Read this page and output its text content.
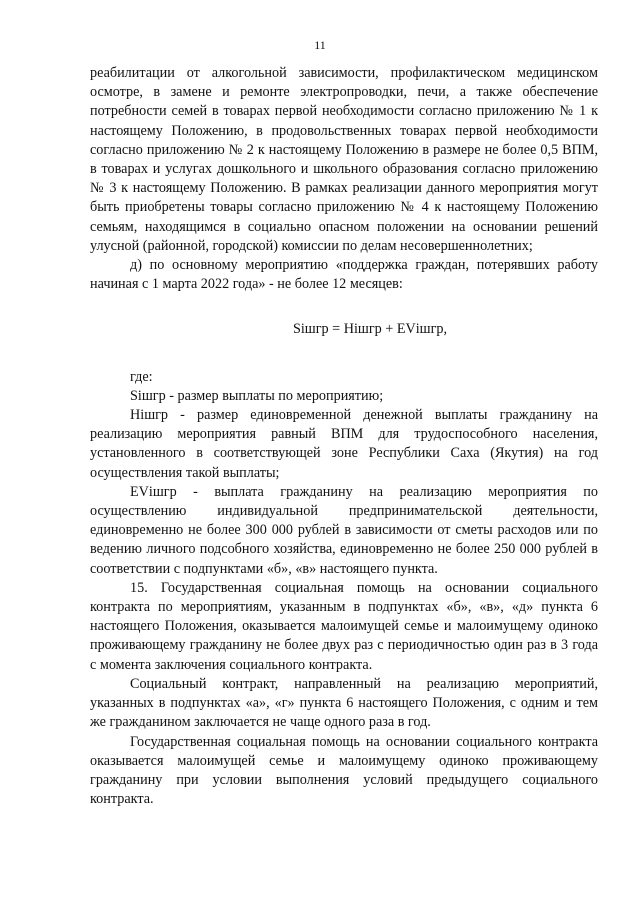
11

реабилитации от алкогольной зависимости, профилактическом медицинском осмотре, в замене и ремонте электропроводки, печи, а также обеспечение потребности семей в товарах первой необходимости согласно приложению № 1 к настоящему Положению, в продовольственных товарах первой необходимости согласно приложению № 2 к настоящему Положению в размере не более 0,5 ВПМ, в товарах и услугах дошкольного и школьного образования согласно приложению № 3 к настоящему Положению. В рамках реализации данного мероприятия могут быть приобретены товары согласно приложению № 4 к настоящему Положению семьям, находящимся в социально опасном положении на основании решений улусной (районной, городской) комиссии по делам несовершеннолетних;

д) по основному мероприятию «поддержка граждан, потерявших работу начиная с 1 марта 2022 года» - не более 12 месяцев:

Sішгр = Hішгр + EVішгр,

где:

Sішгр - размер выплаты по мероприятию;

Hішгр - размер единовременной денежной выплаты гражданину на реализацию мероприятия равный ВПМ для трудоспособного населения, установленного в соответствующей зоне Республики Саха (Якутия) на год осуществления такой выплаты;

EVішгр - выплата гражданину на реализацию мероприятия по осуществлению индивидуальной предпринимательской деятельности, единовременно не более 300 000 рублей в зависимости от сметы расходов или по ведению личного подсобного хозяйства, единовременно не более 250 000 рублей в соответствии с подпунктами «б», «в» настоящего пункта.

15. Государственная социальная помощь на основании социального контракта по мероприятиям, указанным в подпунктах «б», «в», «д» пункта 6 настоящего Положения, оказывается малоимущей семье и малоимущему одиноко проживающему гражданину не более двух раз с периодичностью один раз в 3 года с момента заключения социального контракта.

Социальный контракт, направленный на реализацию мероприятий, указанных в подпунктах «а», «г» пункта 6 настоящего Положения, с одним и тем же гражданином заключается не чаще одного раза в год.

Государственная социальная помощь на основании социального контракта оказывается малоимущей семье и малоимущему одиноко проживающему гражданину при условии выполнения условий предыдущего социального контракта.
